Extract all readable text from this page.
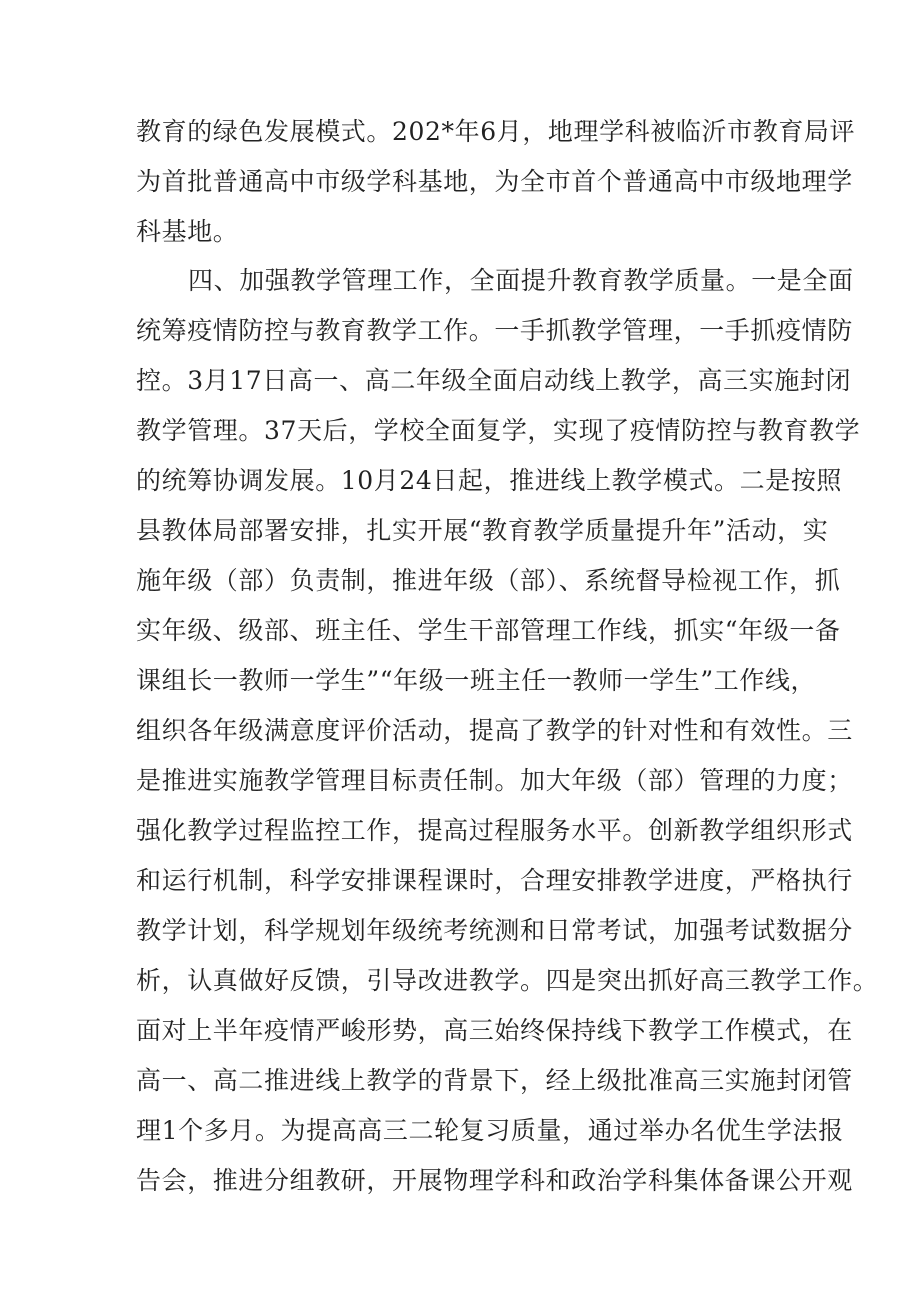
教育的绿色发展模式。202*年6月，地理学科被临沂市教育局评
为首批普通高中市级学科基地，为全市首个普通高中市级地理学
科基地。
四、加强教学管理工作，全面提升教育教学质量。一是全面
统筹疫情防控与教育教学工作。一手抓教学管理，一手抓疫情防
控。3月17日高一、高二年级全面启动线上教学，高三实施封闭
教学管理。37天后，学校全面复学，实现了疫情防控与教育教学
的统筹协调发展。10月24日起，推进线上教学模式。二是按照
县教体局部署安排，扎实开展“教育教学质量提升年”活动，实
施年级（部）负责制，推进年级（部）、系统督导检视工作，抓
实年级、级部、班主任、学生干部管理工作线，抓实“年级一备
课组长一教师一学生”“年级一班主任一教师一学生”工作线，
组织各年级满意度评价活动，提高了教学的针对性和有效性。三
是推进实施教学管理目标责任制。加大年级（部）管理的力度；
强化教学过程监控工作，提高过程服务水平。创新教学组织形式
和运行机制，科学安排课程课时，合理安排教学进度，严格执行
教学计划，科学规划年级统考统测和日常考试，加强考试数据分
析，认真做好反馈，引导改进教学。四是突出抓好高三教学工作。
面对上半年疫情严峻形势，高三始终保持线下教学工作模式，在
高一、高二推进线上教学的背景下，经上级批准高三实施封闭管
理1个多月。为提高高三二轮复习质量，通过举办名优生学法报
告会，推进分组教研，开展物理学科和政治学科集体备课公开观
